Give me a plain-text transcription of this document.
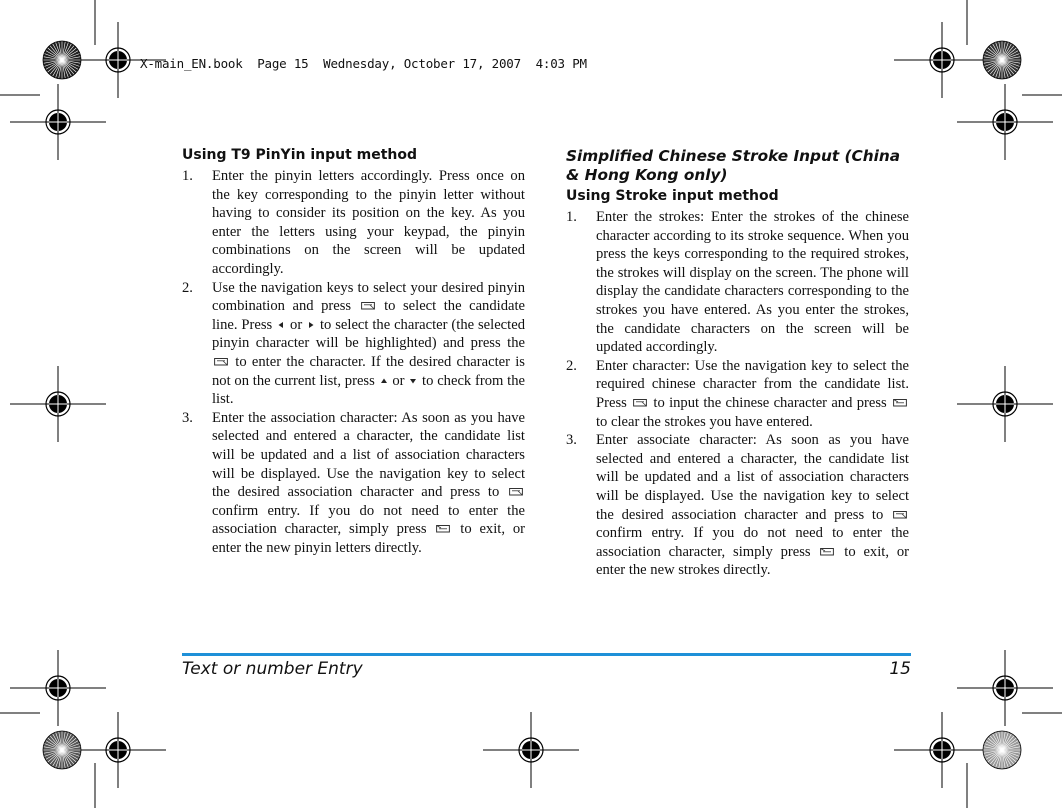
X-main_EN.book  Page 15  Wednesday, October 17, 2007  4:03 PM
Using T9 PinYin input method
1. Enter the pinyin letters accordingly. Press once on the key corresponding to the pinyin letter without having to consider its position on the key. As you enter the letters using your keypad, the pinyin combinations on the screen will be updated accordingly.
2. Use the navigation keys to select your desired pinyin combination and press
to select the candidate line. Press
or
to select the character (the selected pinyin character will be highlighted) and press the
to enter the character. If the desired character is not on the current list, press
or
to check from the list.
3. Enter the association character: As soon as you have selected and entered a character, the candidate list will be updated and a list of association characters will be displayed. Use the navigation key to select the desired association character and press to
confirm entry. If you do not need to enter the association character, simply press
to exit, or enter the new pinyin letters directly.
Simplified Chinese Stroke Input (China & Hong Kong only)
Using Stroke input method
1. Enter the strokes: Enter the strokes of the chinese character according to its stroke sequence. When you press the keys corresponding to the required strokes, the strokes will display on the screen. The phone will display the candidate characters corresponding to the strokes you have entered. As you enter the strokes, the candidate characters on the screen will be updated accordingly.
2. Enter character: Use the navigation key to select the required chinese character from the candidate list. Press
to input the chinese character and press
to clear the strokes you have entered.
3. Enter associate character: As soon as you have selected and entered a character, the candidate list will be updated and a list of association characters will be displayed. Use the navigation key to select the desired association character and press to
confirm entry. If you do not need to enter the association character, simply press
to exit, or enter the new strokes directly.
Text or number Entry	15
